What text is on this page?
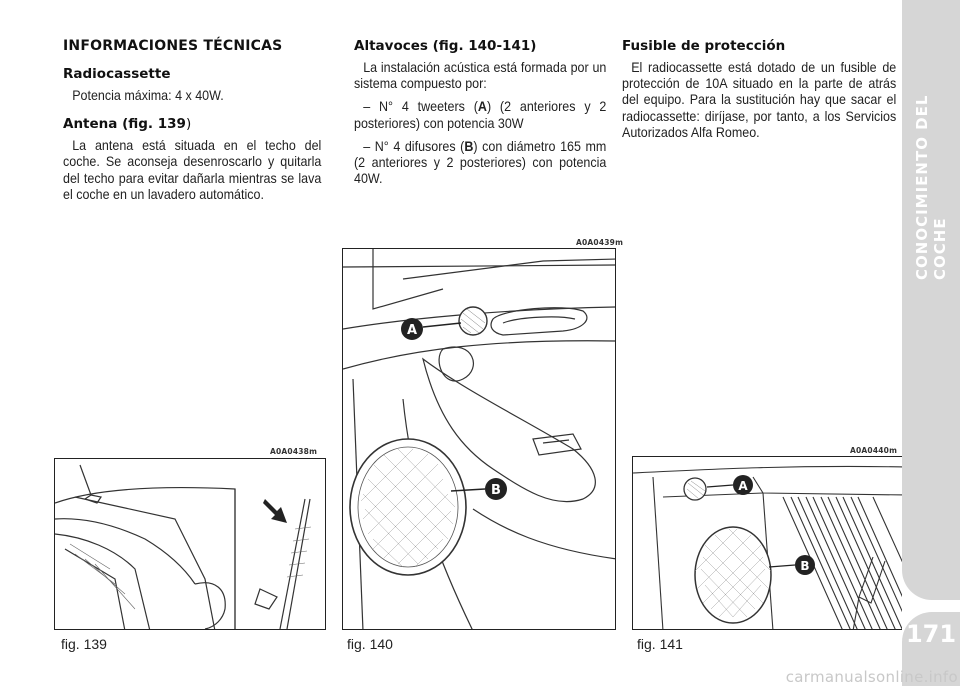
INFORMACIONES TÉCNICAS
Radiocassette

Potencia máxima: 4 x 40W.

Antena (fig. 139)

La antena está situada en el techo del coche. Se aconseja desenroscarlo y quitarla del techo para evitar dañarla mientras se lava el coche en un lavadero automático.

Altavoces (fig. 140-141)

La instalación acústica está formada por un sistema compuesto por:

– N° 4 tweeters (A) (2 anteriores y 2 posteriores) con potencia 30W

– N° 4 difusores (B) con diámetro 165 mm (2 anteriores y 2 posteriores) con potencia 40W.

Fusible de protección

El radiocassette está dotado de un fusible de protección de 10A situado en la parte de atrás del equipo. Para la sustitución hay que sacar el radiocassette: diríjase, por tanto, a los Servicios Autorizados Alfa Romeo.

A0A0438m
fig. 139
A0A0439m
A
B
fig. 140
A0A0440m
A
B
fig. 141
CONOCIMIENTO DEL COCHE
171
carmanualsonline.info
